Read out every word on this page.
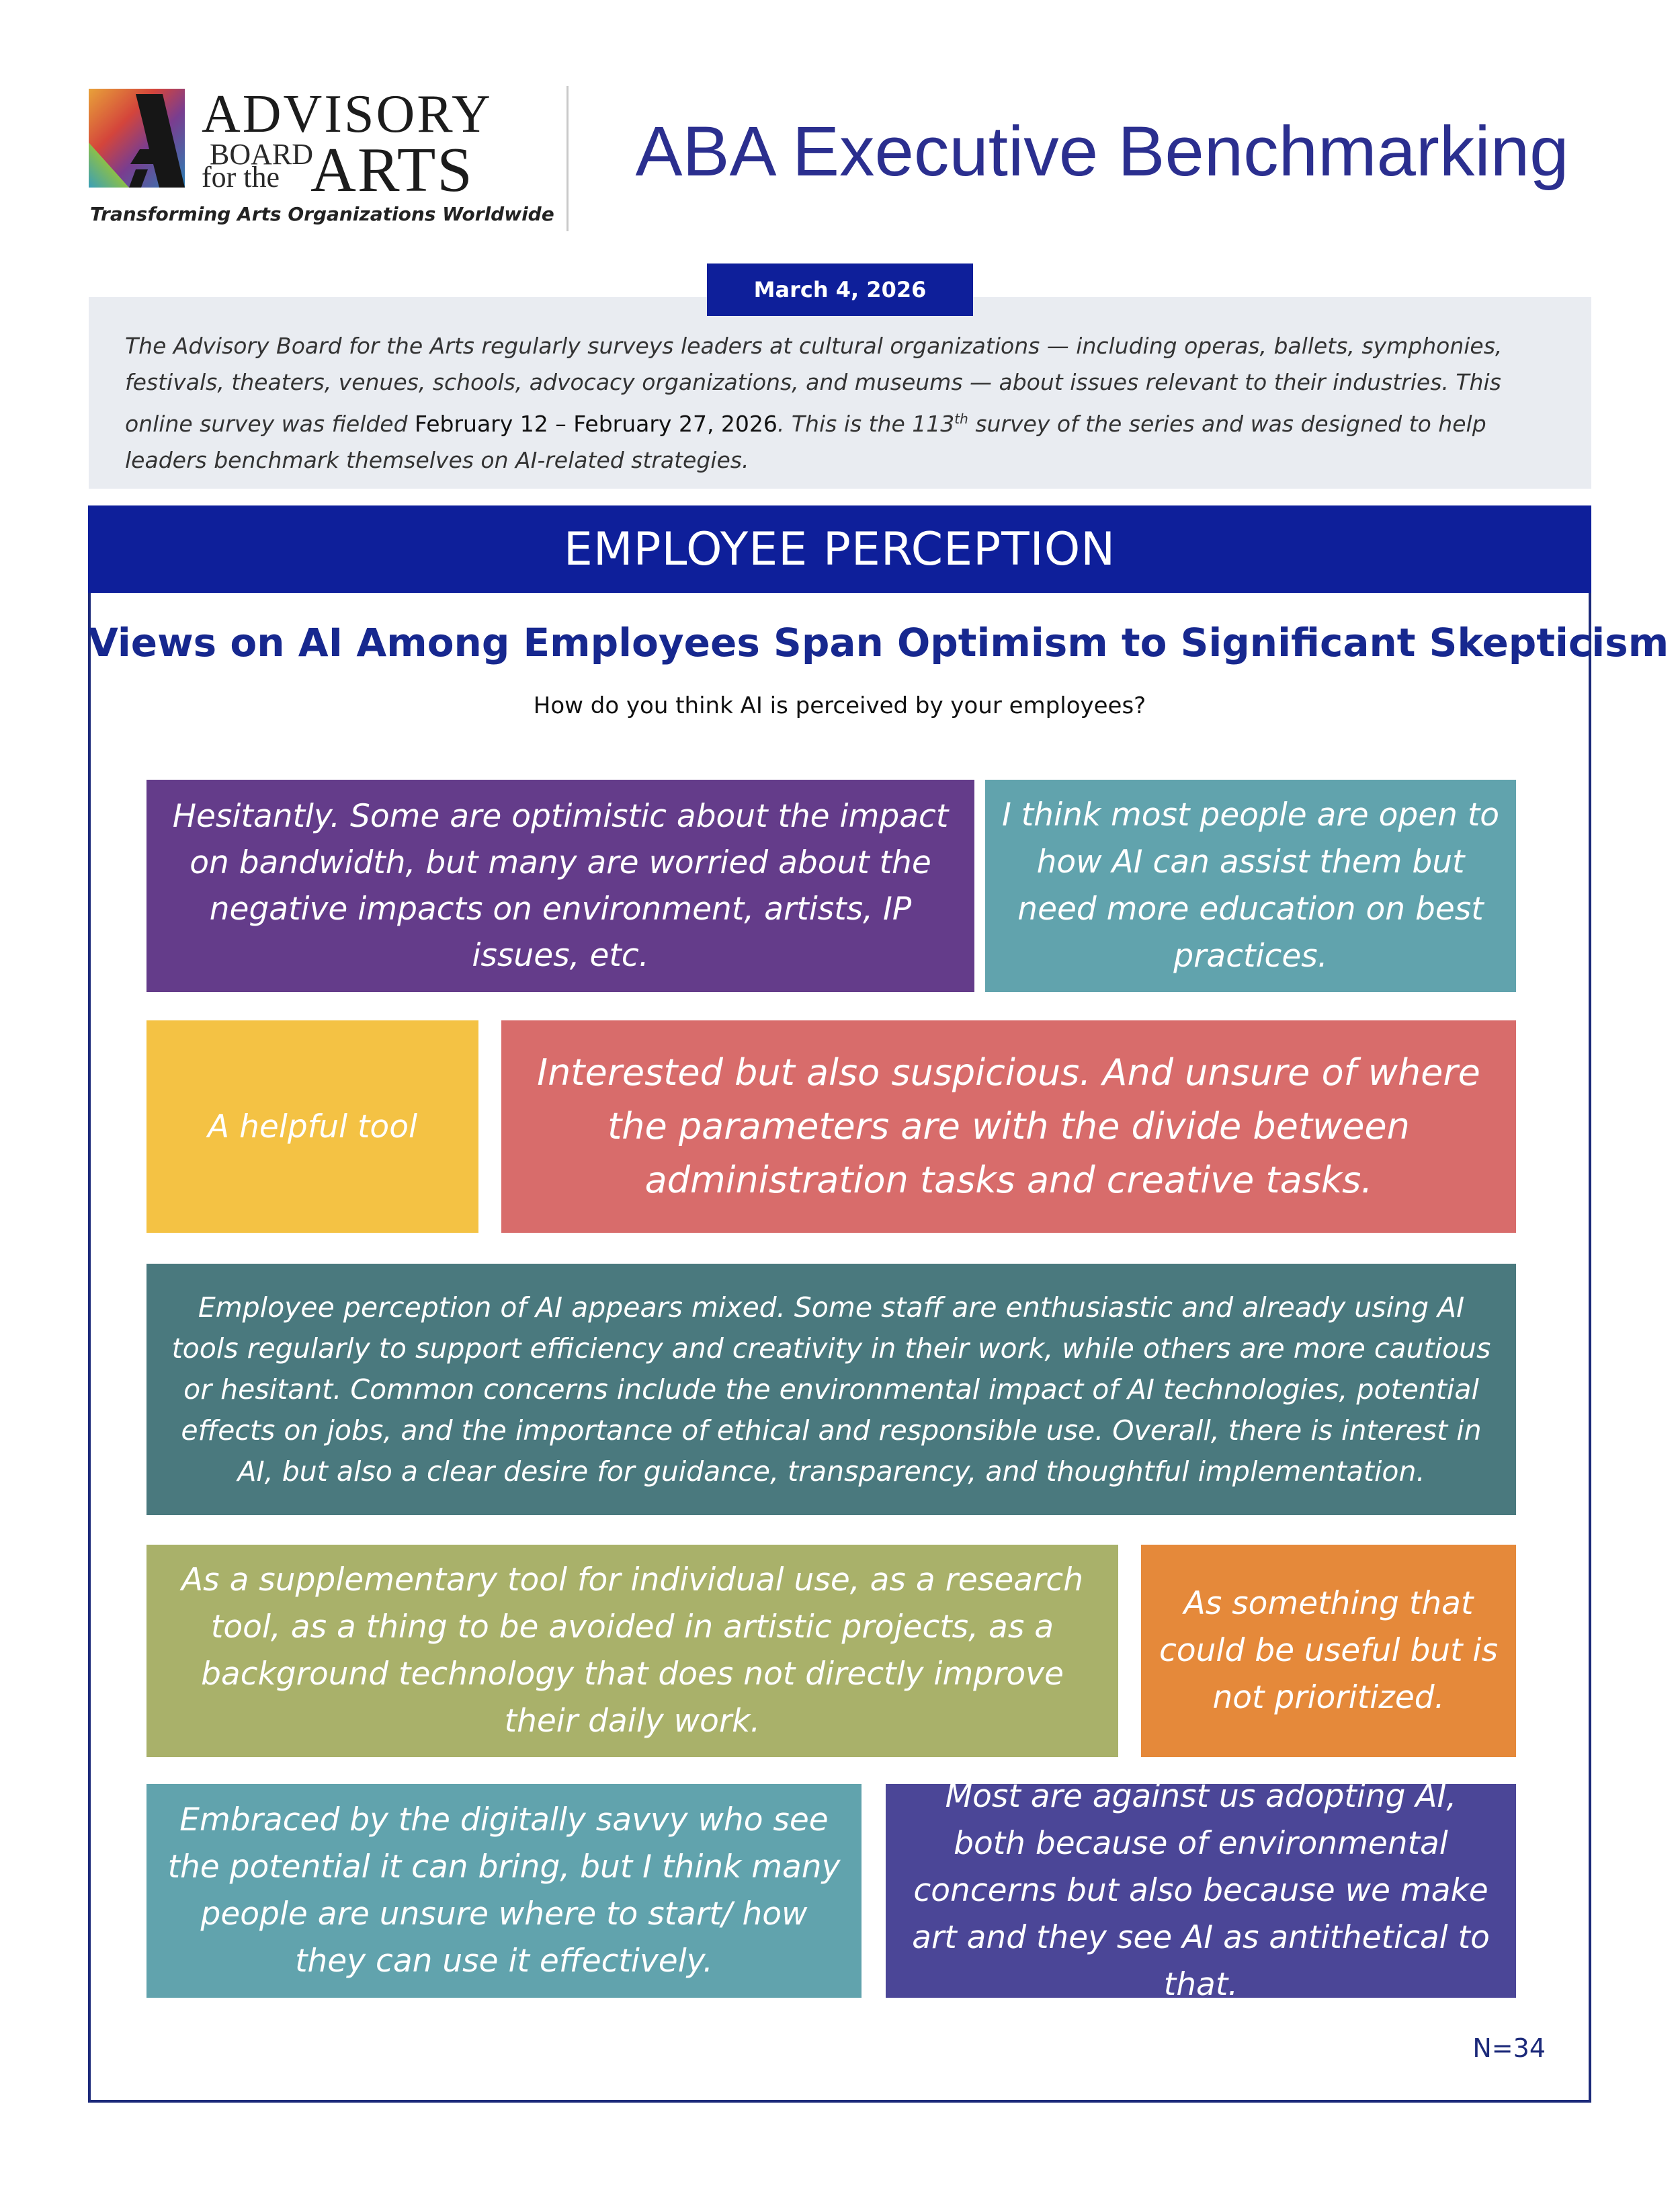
ADVISORY
BOARD
for the ARTS
Transforming Arts Organizations Worldwide
ABA Executive Benchmarking
March 4, 2026
The Advisory Board for the Arts regularly surveys leaders at cultural organizations — including operas, ballets, symphonies, festivals, theaters, venues, schools, advocacy organizations, and museums — about issues relevant to their industries. This online survey was fielded February 12 – February 27, 2026. This is the 113th survey of the series and was designed to help leaders benchmark themselves on AI-related strategies.
EMPLOYEE PERCEPTION
Views on AI Among Employees Span Optimism to Significant Skepticism
How do you think AI is perceived by your employees?
Hesitantly. Some are optimistic about the impact on bandwidth, but many are worried about the negative impacts on environment, artists, IP issues, etc.
I think most people are open to how AI can assist them but need more education on best practices.
A helpful tool
Interested but also suspicious. And unsure of where the parameters are with the divide between administration tasks and creative tasks.
Employee perception of AI appears mixed. Some staff are enthusiastic and already using AI tools regularly to support efficiency and creativity in their work, while others are more cautious or hesitant. Common concerns include the environmental impact of AI technologies, potential effects on jobs, and the importance of ethical and responsible use. Overall, there is interest in AI, but also a clear desire for guidance, transparency, and thoughtful implementation.
As a supplementary tool for individual use, as a research tool, as a thing to be avoided in artistic projects, as a background technology that does not directly improve their daily work.
As something that could be useful but is not prioritized.
Embraced by the digitally savvy who see the potential it can bring, but I think many people are unsure where to start/ how they can use it effectively.
Most are against us adopting AI, both because of environmental concerns but also because we make art and they see AI as antithetical to that.
N=34
